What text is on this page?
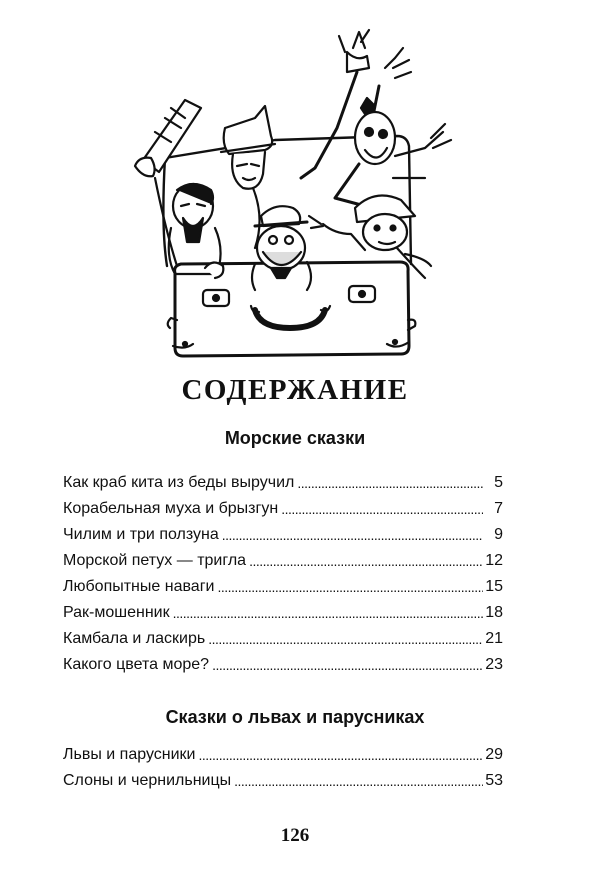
СОДЕРЖАНИЕ
Морские сказки
Как краб кита из беды выручил . . .	5
Корабельная муха и брызгун . . .	7
Чилим и три ползуна . . .	9
Морской петух — тригла . . .	12
Любопытные наваги . . .	15
Рак-мошенник . . .	18
Камбала и ласкирь . . .	21
Какого цвета море? . . .	23
Сказки о львах и парусниках
Львы и парусники . . .	29
Слоны и чернильницы . . .	53
126
